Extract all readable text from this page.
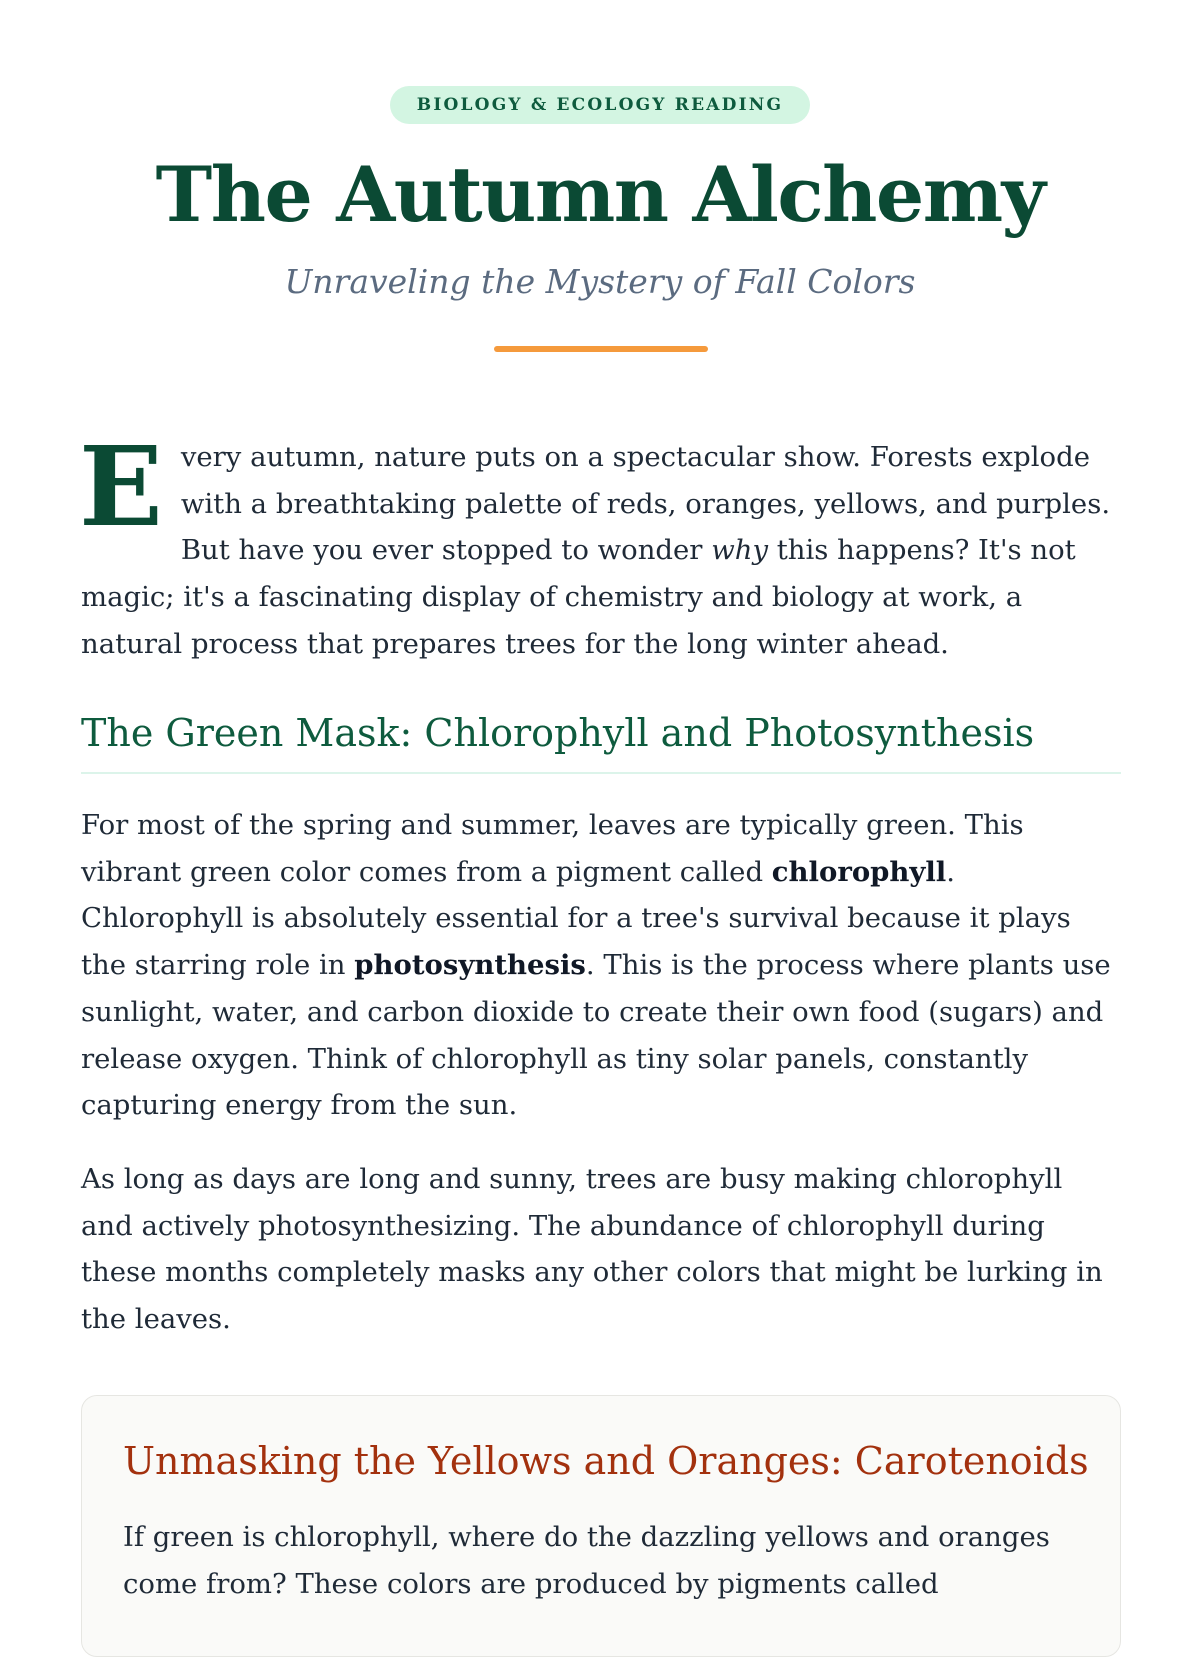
BIOLOGY & ECOLOGY READING
The Autumn Alchemy
Unraveling the Mystery of Fall Colors

Every autumn, nature puts on a spectacular show. Forests explode with a breathtaking palette of reds, oranges, yellows, and purples. But have you ever stopped to wonder why this happens? It's not magic; it's a fascinating display of chemistry and biology at work, a natural process that prepares trees for the long winter ahead.

The Green Mask: Chlorophyll and Photosynthesis

For most of the spring and summer, leaves are typically green. This vibrant green color comes from a pigment called chlorophyll. Chlorophyll is absolutely essential for a tree's survival because it plays the starring role in photosynthesis. This is the process where plants use sunlight, water, and carbon dioxide to create their own food (sugars) and release oxygen. Think of chlorophyll as tiny solar panels, constantly capturing energy from the sun.

As long as days are long and sunny, trees are busy making chlorophyll and actively photosynthesizing. The abundance of chlorophyll during these months completely masks any other colors that might be lurking in the leaves.

Unmasking the Yellows and Oranges: Carotenoids

If green is chlorophyll, where do the dazzling yellows and oranges come from? These colors are produced by pigments called
